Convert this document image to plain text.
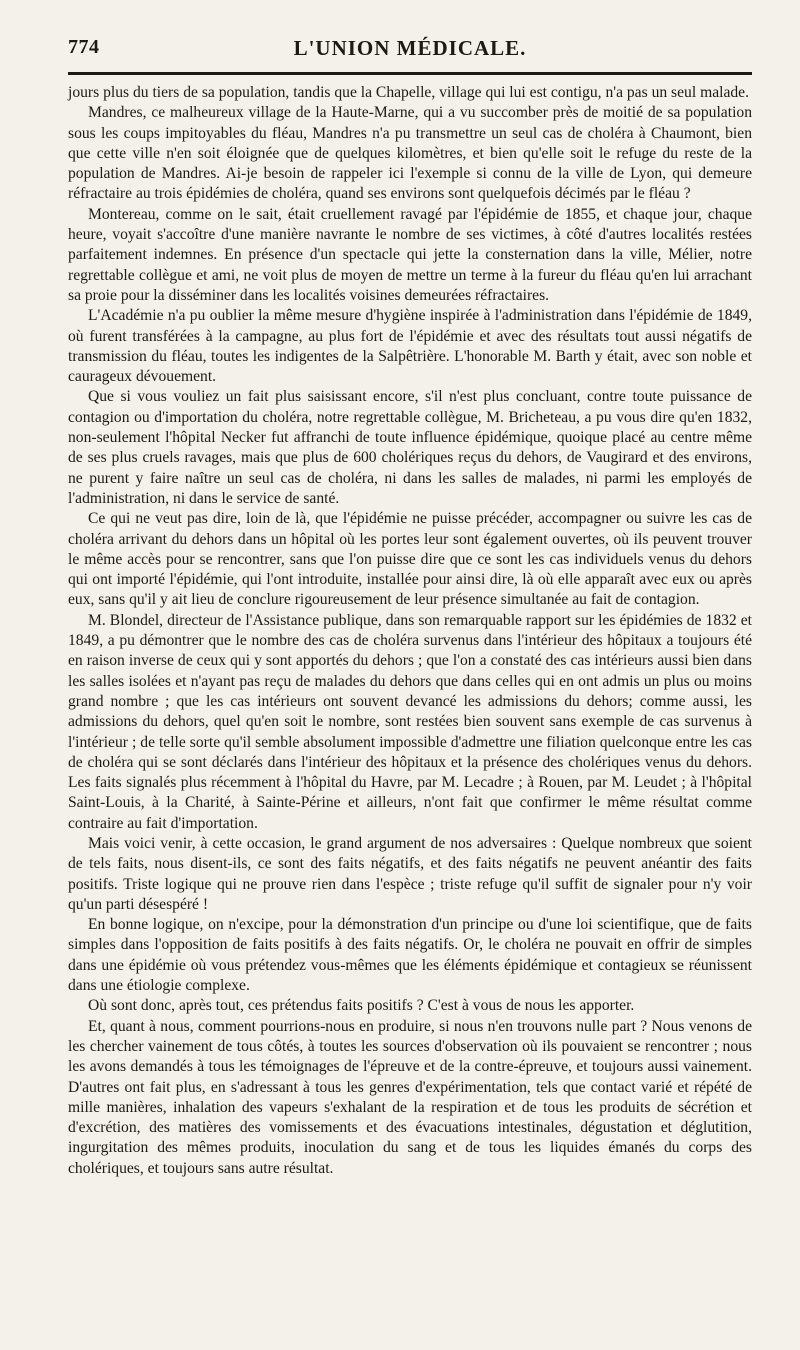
774	L'UNION MÉDICALE.

jours plus du tiers de sa population, tandis que la Chapelle, village qui lui est contigu, n'a pas un seul malade.

Mandres, ce malheureux village de la Haute-Marne, qui a vu succomber près de moitié de sa population sous les coups impitoyables du fléau, Mandres n'a pu transmettre un seul cas de choléra à Chaumont, bien que cette ville n'en soit éloignée que de quelques kilomètres, et bien qu'elle soit le refuge du reste de la population de Mandres. Ai-je besoin de rappeler ici l'exemple si connu de la ville de Lyon, qui demeure réfractaire au trois épidémies de choléra, quand ses environs sont quelquefois décimés par le fléau ?

Montereau, comme on le sait, était cruellement ravagé par l'épidémie de 1855, et chaque jour, chaque heure, voyait s'accoître d'une manière navrante le nombre de ses victimes, à côté d'autres localités restées parfaitement indemnes. En présence d'un spectacle qui jette la consternation dans la ville, Mélier, notre regrettable collègue et ami, ne voit plus de moyen de mettre un terme à la fureur du fléau qu'en lui arrachant sa proie pour la disséminer dans les localités voisines demeurées réfractaires.

L'Académie n'a pu oublier la même mesure d'hygiène inspirée à l'administration dans l'épidémie de 1849, où furent transférées à la campagne, au plus fort de l'épidémie et avec des résultats tout aussi négatifs de transmission du fléau, toutes les indigentes de la Salpêtrière. L'honorable M. Barth y était, avec son noble et caurageux dévouement.

Que si vous vouliez un fait plus saisissant encore, s'il n'est plus concluant, contre toute puissance de contagion ou d'importation du choléra, notre regrettable collègue, M. Bricheteau, a pu vous dire qu'en 1832, non-seulement l'hôpital Necker fut affranchi de toute influence épidémique, quoique placé au centre même de ses plus cruels ravages, mais que plus de 600 cholériques reçus du dehors, de Vaugirard et des environs, ne purent y faire naître un seul cas de choléra, ni dans les salles de malades, ni parmi les employés de l'administration, ni dans le service de santé.

Ce qui ne veut pas dire, loin de là, que l'épidémie ne puisse précéder, accompagner ou suivre les cas de choléra arrivant du dehors dans un hôpital où les portes leur sont également ouvertes, où ils peuvent trouver le même accès pour se rencontrer, sans que l'on puisse dire que ce sont les cas individuels venus du dehors qui ont importé l'épidémie, qui l'ont introduite, installée pour ainsi dire, là où elle apparaît avec eux ou après eux, sans qu'il y ait lieu de conclure rigoureusement de leur présence simultanée au fait de contagion.

M. Blondel, directeur de l'Assistance publique, dans son remarquable rapport sur les épidémies de 1832 et 1849, a pu démontrer que le nombre des cas de choléra survenus dans l'intérieur des hôpitaux a toujours été en raison inverse de ceux qui y sont apportés du dehors ; que l'on a constaté des cas intérieurs aussi bien dans les salles isolées et n'ayant pas reçu de malades du dehors que dans celles qui en ont admis un plus ou moins grand nombre ; que les cas intérieurs ont souvent devancé les admissions du dehors; comme aussi, les admissions du dehors, quel qu'en soit le nombre, sont restées bien souvent sans exemple de cas survenus à l'intérieur ; de telle sorte qu'il semble absolument impossible d'admettre une filiation quelconque entre les cas de choléra qui se sont déclarés dans l'intérieur des hôpitaux et la présence des cholériques venus du dehors. Les faits signalés plus récemment à l'hôpital du Havre, par M. Lecadre ; à Rouen, par M. Leudet ; à l'hôpital Saint-Louis, à la Charité, à Sainte-Périne et ailleurs, n'ont fait que confirmer le même résultat comme contraire au fait d'importation.

Mais voici venir, à cette occasion, le grand argument de nos adversaires : Quelque nombreux que soient de tels faits, nous disent-ils, ce sont des faits négatifs, et des faits négatifs ne peuvent anéantir des faits positifs. Triste logique qui ne prouve rien dans l'espèce ; triste refuge qu'il suffit de signaler pour n'y voir qu'un parti désespéré !

En bonne logique, on n'excipe, pour la démonstration d'un principe ou d'une loi scientifique, que de faits simples dans l'opposition de faits positifs à des faits négatifs. Or, le choléra ne pouvait en offrir de simples dans une épidémie où vous prétendez vous-mêmes que les éléments épidémique et contagieux se réunissent dans une étiologie complexe.

Où sont donc, après tout, ces prétendus faits positifs ? C'est à vous de nous les apporter.

Et, quant à nous, comment pourrions-nous en produire, si nous n'en trouvons nulle part ? Nous venons de les chercher vainement de tous côtés, à toutes les sources d'observation où ils pouvaient se rencontrer ; nous les avons demandés à tous les témoignages de l'épreuve et de la contre-épreuve, et toujours aussi vainement. D'autres ont fait plus, en s'adressant à tous les genres d'expérimentation, tels que contact varié et répété de mille manières, inhalation des vapeurs s'exhalant de la respiration et de tous les produits de sécrétion et d'excrétion, des matières des vomissements et des évacuations intestinales, dégustation et déglutition, ingurgitation des mêmes produits, inoculation du sang et de tous les liquides émanés du corps des cholériques, et toujours sans autre résultat.
